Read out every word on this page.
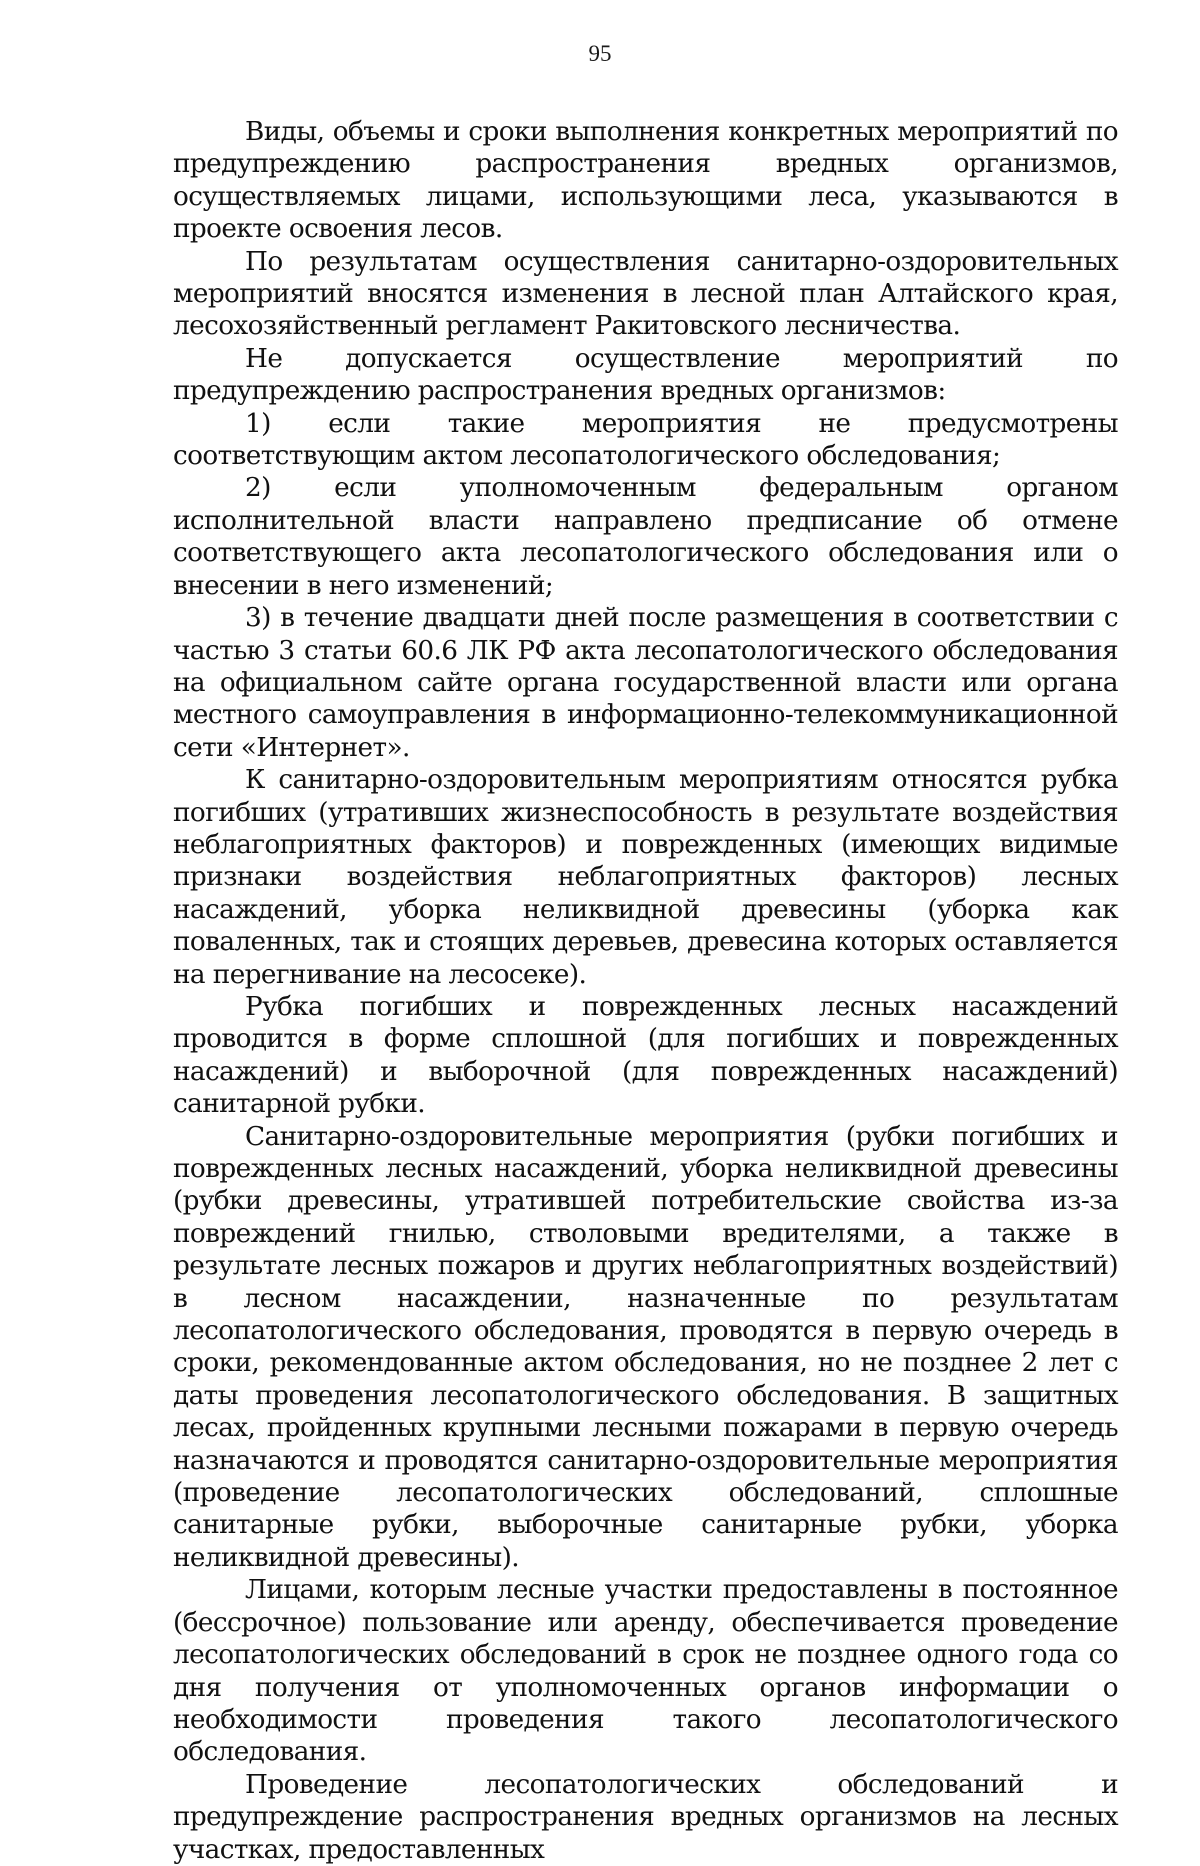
95

Виды, объемы и сроки выполнения конкретных мероприятий по предупреждению распространения вредных организмов, осуществляемых лицами, использующими леса, указываются в проекте освоения лесов.

По результатам осуществления санитарно-оздоровительных мероприятий вносятся изменения в лесной план Алтайского края, лесохозяйственный регламент Ракитовского лесничества.

Не допускается осуществление мероприятий по предупреждению распространения вредных организмов:

1) если такие мероприятия не предусмотрены соответствующим актом лесопатологического обследования;

2) если уполномоченным федеральным органом исполнительной власти направлено предписание об отмене соответствующего акта лесопатологического обследования или о внесении в него изменений;

3) в течение двадцати дней после размещения в соответствии с частью 3 статьи 60.6 ЛК РФ акта лесопатологического обследования на официальном сайте органа государственной власти или органа местного самоуправления в информационно-телекоммуникационной сети «Интернет».

К санитарно-оздоровительным мероприятиям относятся рубка погибших (утративших жизнеспособность в результате воздействия неблагоприятных факторов) и поврежденных (имеющих видимые признаки воздействия неблагоприятных факторов) лесных насаждений, уборка неликвидной древесины (уборка как поваленных, так и стоящих деревьев, древесина которых оставляется на перегнивание на лесосеке).

Рубка погибших и поврежденных лесных насаждений проводится в форме сплошной (для погибших и поврежденных насаждений) и выборочной (для поврежденных насаждений) санитарной рубки.

Санитарно-оздоровительные мероприятия (рубки погибших и поврежденных лесных насаждений, уборка неликвидной древесины (рубки древесины, утратившей потребительские свойства из-за повреждений гнилью, стволовыми вредителями, а также в результате лесных пожаров и других неблагоприятных воздействий) в лесном насаждении, назначенные по результатам лесопатологического обследования, проводятся в первую очередь в сроки, рекомендованные актом обследования, но не позднее 2 лет с даты проведения лесопатологического обследования. В защитных лесах, пройденных крупными лесными пожарами в первую очередь назначаются и проводятся санитарно-оздоровительные мероприятия (проведение лесопатологических обследований, сплошные санитарные рубки, выборочные санитарные рубки, уборка неликвидной древесины).

Лицами, которым лесные участки предоставлены в постоянное (бессрочное) пользование или аренду, обеспечивается проведение лесопатологических обследований в срок не позднее одного года со дня получения от уполномоченных органов информации о необходимости проведения такого лесопатологического обследования.

Проведение лесопатологических обследований и предупреждение распространения вредных организмов на лесных участках, предоставленных
